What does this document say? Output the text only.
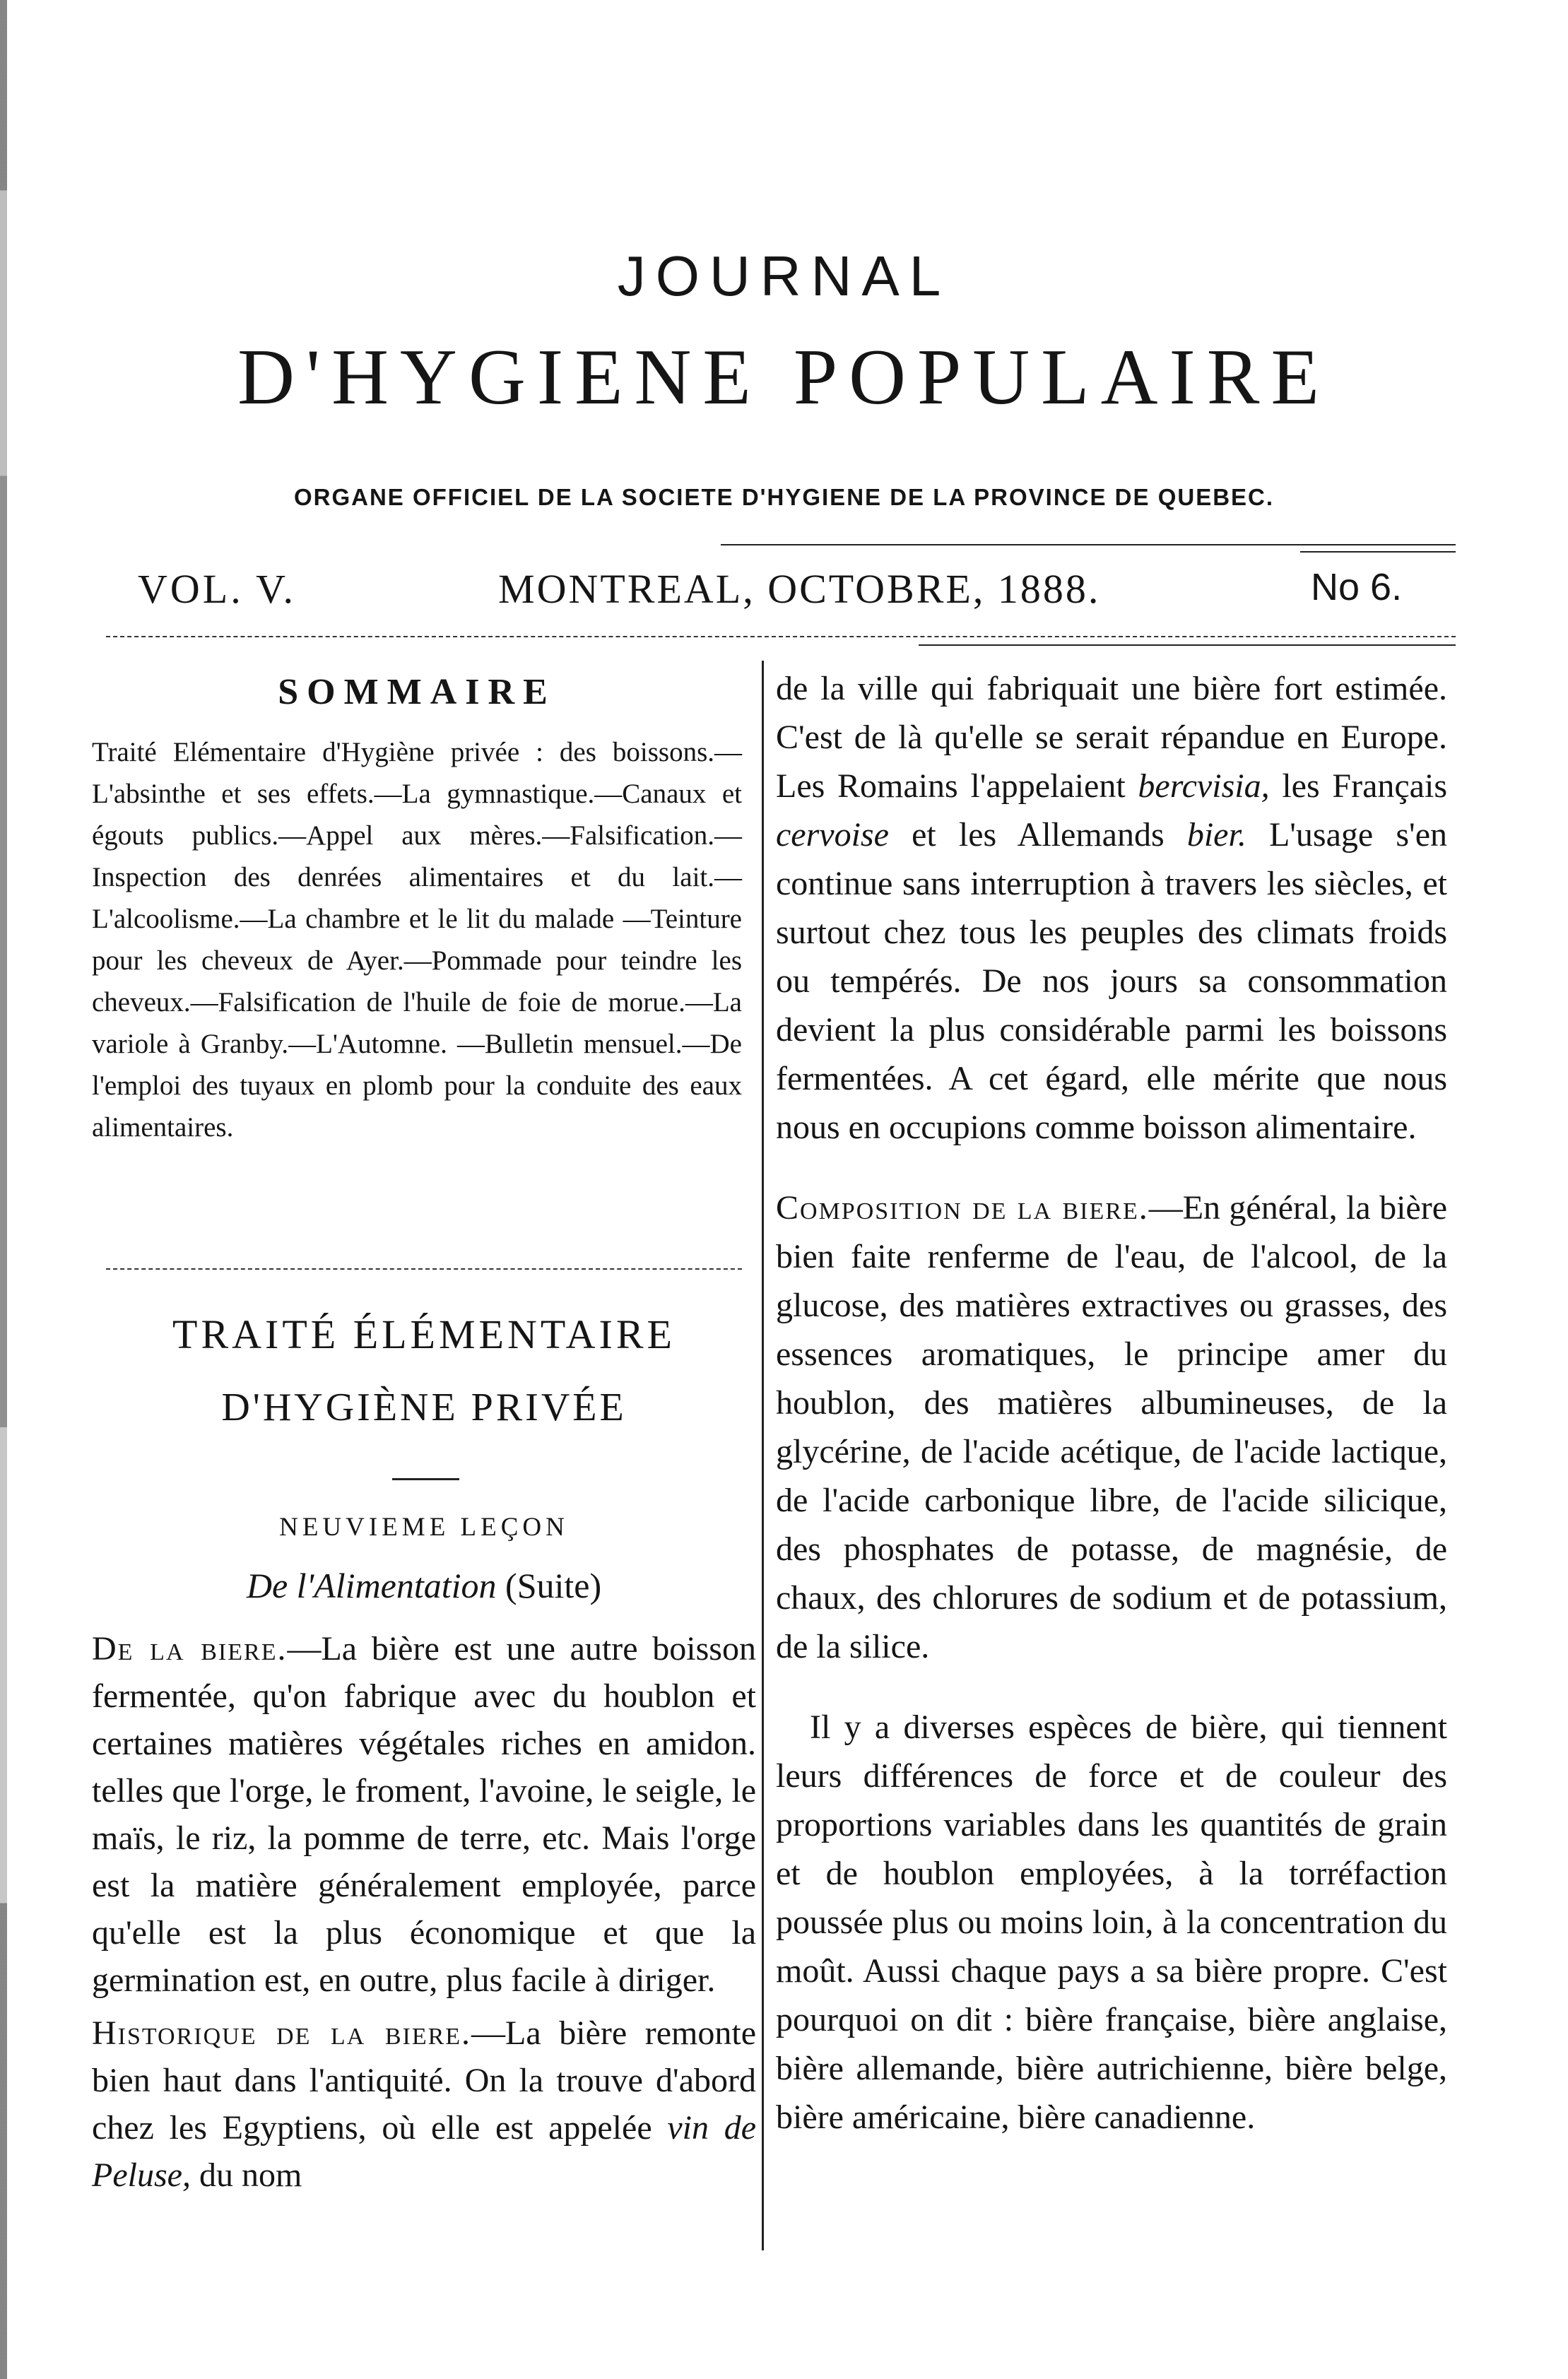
JOURNAL
D'HYGIENE POPULAIRE
ORGANE OFFICIEL DE LA SOCIETE D'HYGIENE DE LA PROVINCE DE QUEBEC.
VOL. V.	MONTREAL, OCTOBRE, 1888.	No 6.
SOMMAIRE

Traité Elémentaire d'Hygiène privée : des boissons.—L'absinthe et ses effets.—La gymnastique.—Canaux et égouts publics.—Appel aux mères.—Falsification.—Inspection des denrées alimentaires et du lait.—L'alcoolisme.—La chambre et le lit du malade —Teinture pour les cheveux de Ayer.—Pommade pour teindre les cheveux.—Falsification de l'huile de foie de morue.—La variole à Granby.—L'Automne. —Bulletin mensuel.—De l'emploi des tuyaux en plomb pour la conduite des eaux alimentaires.

TRAITÉ ÉLÉMENTAIRE
D'HYGIÈNE PRIVÉE
NEUVIEME LEÇON
De l'Alimentation (Suite)

De la biere.—La bière est une autre boisson fermentée, qu'on fabrique avec du houblon et certaines matières végétales riches en amidon. telles que l'orge, le froment, l'avoine, le seigle, le maïs, le riz, la pomme de terre, etc. Mais l'orge est la matière généralement employée, parce qu'elle est la plus économique et que la germination est, en outre, plus facile à diriger.

Historique de la biere.—La bière remonte bien haut dans l'antiquité. On la trouve d'abord chez les Egyptiens, où elle est appelée vin de Peluse, du nom

de la ville qui fabriquait une bière fort estimée. C'est de là qu'elle se serait répandue en Europe. Les Romains l'appelaient bercvisia, les Français cervoise et les Allemands bier. L'usage s'en continue sans interruption à travers les siècles, et surtout chez tous les peuples des climats froids ou tempérés. De nos jours sa consommation devient la plus considérable parmi les boissons fermentées. A cet égard, elle mérite que nous nous en occupions comme boisson alimentaire.

Composition de la biere.—En général, la bière bien faite renferme de l'eau, de l'alcool, de la glucose, des matières extractives ou grasses, des essences aromatiques, le principe amer du houblon, des matières albumineuses, de la glycérine, de l'acide acétique, de l'acide lactique, de l'acide carbonique libre, de l'acide silicique, des phosphates de potasse, de magnésie, de chaux, des chlorures de sodium et de potassium, de la silice.

Il y a diverses espèces de bière, qui tiennent leurs différences de force et de couleur des proportions variables dans les quantités de grain et de houblon employées, à la torréfaction poussée plus ou moins loin, à la concentration du moût. Aussi chaque pays a sa bière propre. C'est pourquoi on dit : bière française, bière anglaise, bière allemande, bière autrichienne, bière belge, bière américaine, bière canadienne.
